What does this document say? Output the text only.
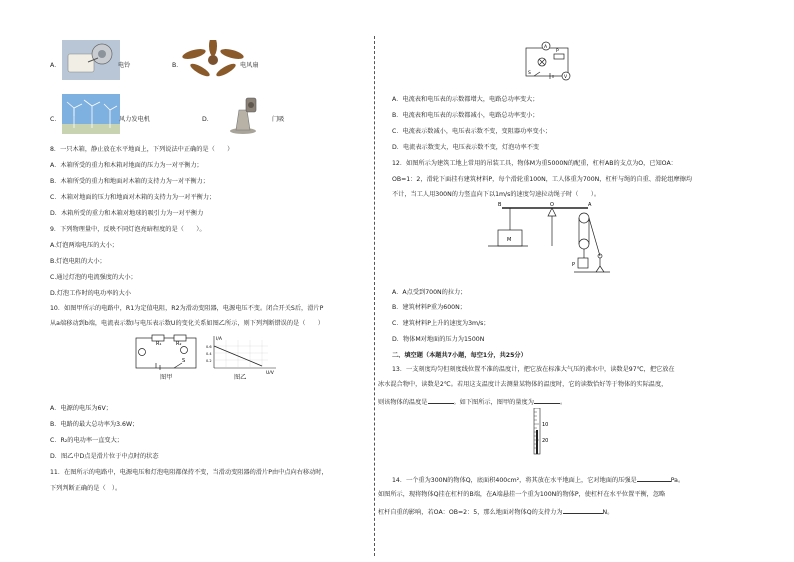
A．	电铃	B．	电风扇
C．	风力发电机	D．	门吸
8．一只木箱，静止放在水平地面上，下列说法中正确的是（　　）
A．木箱所受的重力和木箱对地面的压力为一对平衡力；
B．木箱所受的重力和地面对木箱的支持力为一对平衡力；
C．木箱对地面的压力和地面对木箱的支持力为一对平衡力；
D．木箱所受的重力和木箱对地球的吸引力为一对平衡力
9．下列物理量中，反映不同灯泡亮暗程度的是（　　）。
A.灯泡两端电压的大小；
B.灯泡电阻的大小；
C.通过灯泡的电流强度的大小；
D.灯泡工作时的电功率的大小
10．如图甲所示的电路中，R1为定值电阻，R2为滑动变阻器，电源电压不变。闭合开关S后，滑片P
从a端移动到b端，电流表示数I与电压表示数U的变化关系如图乙所示，则下列判断错误的是（　　）
R₁	R₂
S
I/A
U/V
0.6
0.4
0.2
图甲	图乙
A．电源的电压为6V；
B．电路的最大总功率为3.6W；
C．R₂的电功率一直变大；
D．图乙中D点是滑片位于中点时的状态
11．在图所示的电路中，电源电压和灯泡电阻都保持不变，当滑动变阻器的滑片P由中点向右移动时，
下列判断正确的是（　）。
A
P
S
V
A．电流表和电压表的示数都增大，电路总功率变大；
B．电流表和电压表的示数都减小，电路总功率变小；
C．电流表示数减小，电压表示数不变，变阻器功率变小；
D．电流表示数变大，电压表示数不变，灯泡功率不变
12．如图所示为建筑工地上常用的吊装工具，物体M为重5000N的配重，杠杆AB的支点为O，已知OA：
OB=1：2，滑轮下面挂有建筑材料P，每个滑轮重100N，工人体重为700N，杠杆与绳的自重、滑轮组摩擦均
不计，当工人用300N的力竖直向下以1m/s的速度匀速拉动绳子时（　　）。
B	O	A
M
P
A．A点受到700N的拉力；
B．建筑材料P重为600N；
C．建筑材料P上升的速度为3m/s；
D．物体M对地面的压力为1500N
二、填空题（本题共7小题，每空1分，共25分）
13．一支刻度均匀但刻度线位置不准的温度计，把它放在标准大气压的沸水中，读数是97℃，把它放在
冰水混合物中，读数是2℃。若用这支温度计去测量某物体的温度时，它的读数恰好等于物体的实际温度，
则该物体的温度是	。如下图所示，图甲的量度为	。
10
20
14．一个重为300N的物体Q，底面积400cm²，将其放在水平地面上，它对地面的压强是	Pa。
如图所示，现将物体Q挂在杠杆的B端，在A端悬挂一个重为100N的物体P，使杠杆在水平位置平衡，忽略
杠杆自重的影响，若OA：OB=2：5，那么地面对物体Q的支持力为	N。
